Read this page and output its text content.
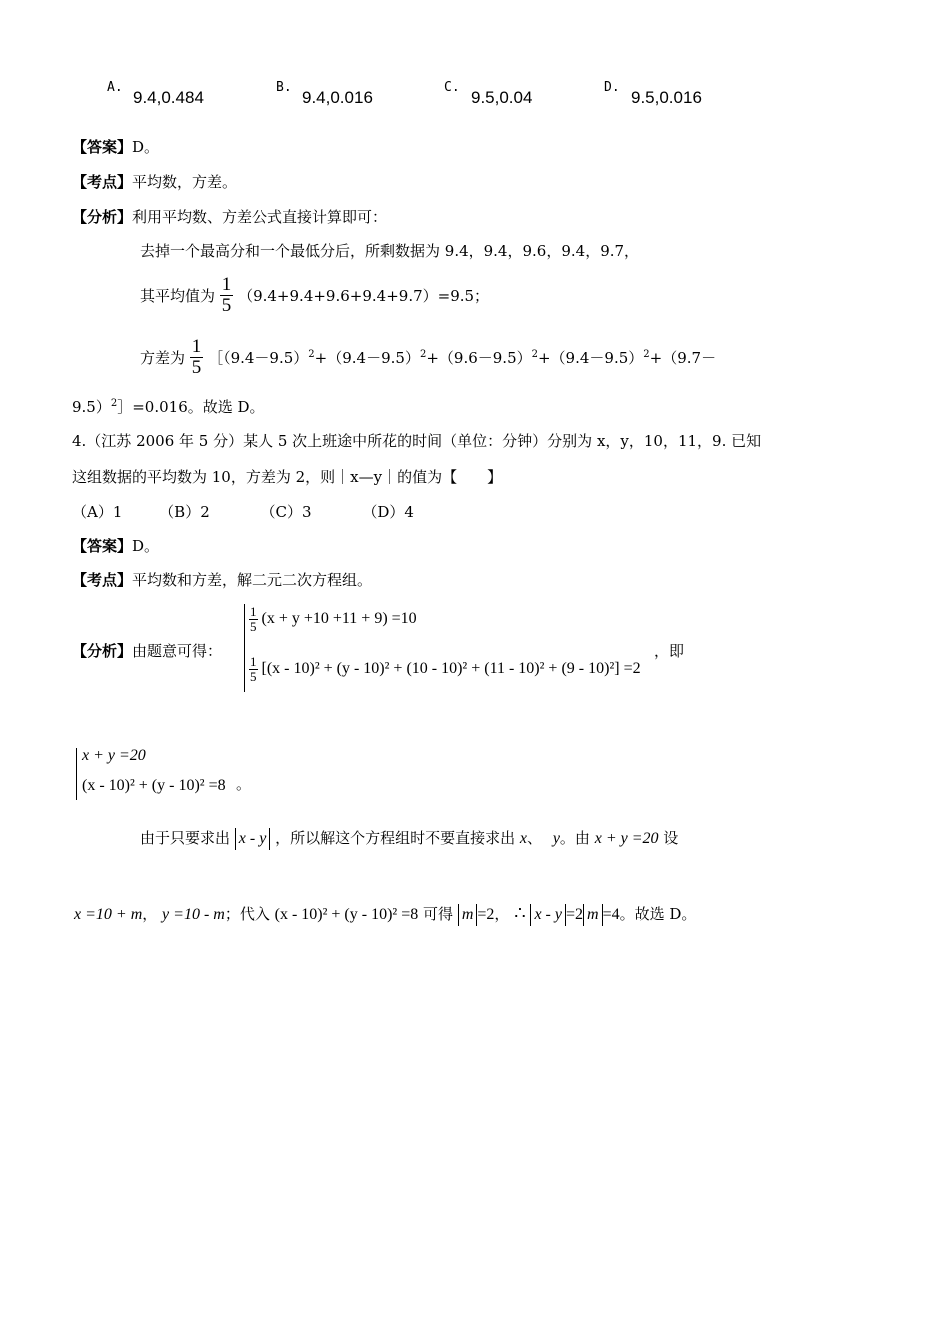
A.
9.4,0.484
B.
9.4,0.016
C.
9.5,0.04
D.
9.5,0.016
【答案】D。
【考点】平均数，方差。
【分析】利用平均数、方差公式直接计算即可：
去掉一个最高分和一个最低分后，所剩数据为 9.4，9.4，9.6，9.4，9.7，
其平均值为 $\frac{1}{5} (9.4+9.4+9.6+9.4+9.7)=9.5$；
方差为 $\frac{1}{5}$ $[(9.4-9.5)^2+(9.4-9.5)^2+(9.6-9.5)^2+(9.4-9.5)^2+(9.7-$
9.5）$^2$］=0.016。故选 D。
4.（江苏 2006 年 5 分）某人 5 次上班途中所花的时间（单位：分钟）分别为 x，y，10，11，9. 已知
这组数据的平均数为 10，方差为 2，则｜x—y｜的值为【　　】
（A）1 （B）2	（C）3	（D）4
【答案】D。
【考点】平均数和方差，解二元二次方程组。
【分析】由题意可得：
$\frac{1}{5} (x + y +10 +11 + 9) =10$
$\frac{1}{5} [(x - 10)^2 + (y - 10)^2 + (10 - 10)^2 + (11 - 10)^2 + (9 - 10)^2] =2$
，即
x + y =20
(x - 10)² + (y - 10)² =8 。
由于只要求出 x - y ，所以解这个方程组时不要直接求出 x、 y。由 x + y =20 设
x =10 + m， y =10 - m；代入 (x - 10)² + (y - 10)² =8 可得 m =2， ∴ x - y =2 m =4。故选 D。
